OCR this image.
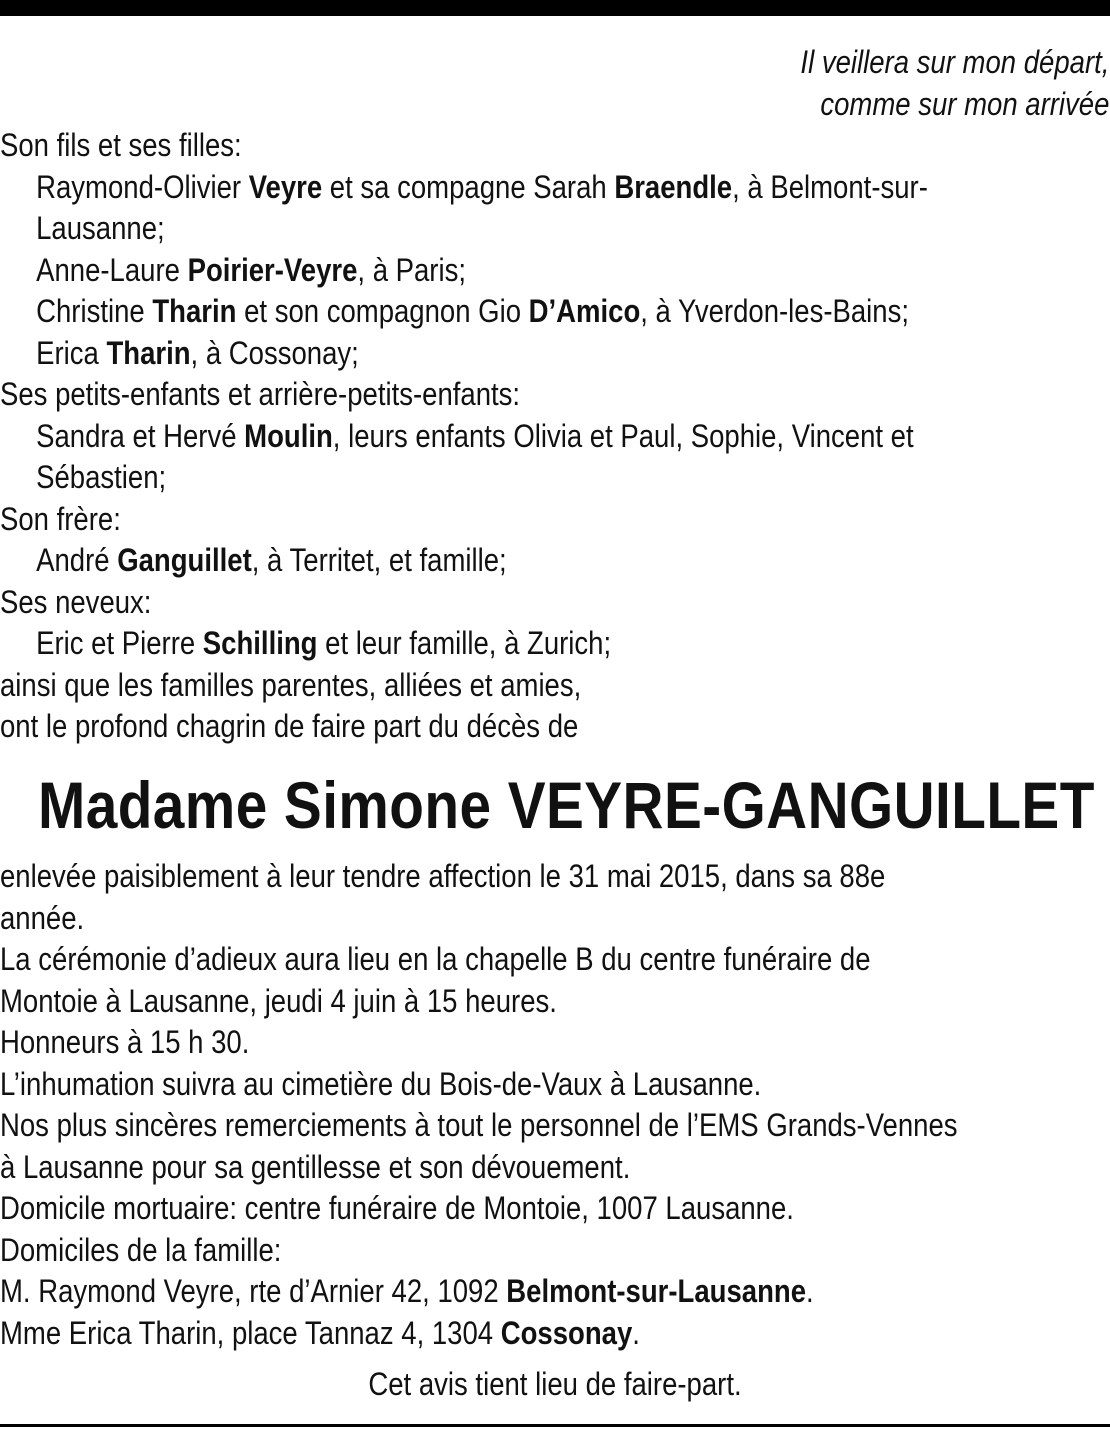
Il veillera sur mon départ,
comme sur mon arrivée
Son fils et ses filles:
Raymond-Olivier Veyre et sa compagne Sarah Braendle, à Belmont-sur-
Lausanne;
Anne-Laure Poirier-Veyre, à Paris;
Christine Tharin et son compagnon Gio D’Amico, à Yverdon-les-Bains;
Erica Tharin, à Cossonay;
Ses petits-enfants et arrière-petits-enfants:
Sandra et Hervé Moulin, leurs enfants Olivia et Paul, Sophie, Vincent et
Sébastien;
Son frère:
André Ganguillet, à Territet, et famille;
Ses neveux:
Eric et Pierre Schilling et leur famille, à Zurich;
ainsi que les familles parentes, alliées et amies,
ont le profond chagrin de faire part du décès de
Madame Simone VEYRE-GANGUILLET
enlevée paisiblement à leur tendre affection le 31 mai 2015, dans sa 88e
année.
La cérémonie d’adieux aura lieu en la chapelle B du centre funéraire de
Montoie à Lausanne, jeudi 4 juin à 15 heures.
Honneurs à 15 h 30.
L’inhumation suivra au cimetière du Bois-de-Vaux à Lausanne.
Nos plus sincères remerciements à tout le personnel de l’EMS Grands-Vennes
à Lausanne pour sa gentillesse et son dévouement.
Domicile mortuaire: centre funéraire de Montoie, 1007 Lausanne.
Domiciles de la famille:
M. Raymond Veyre, rte d’Arnier 42, 1092 Belmont-sur-Lausanne.
Mme Erica Tharin, place Tannaz 4, 1304 Cossonay.
Cet avis tient lieu de faire-part.
